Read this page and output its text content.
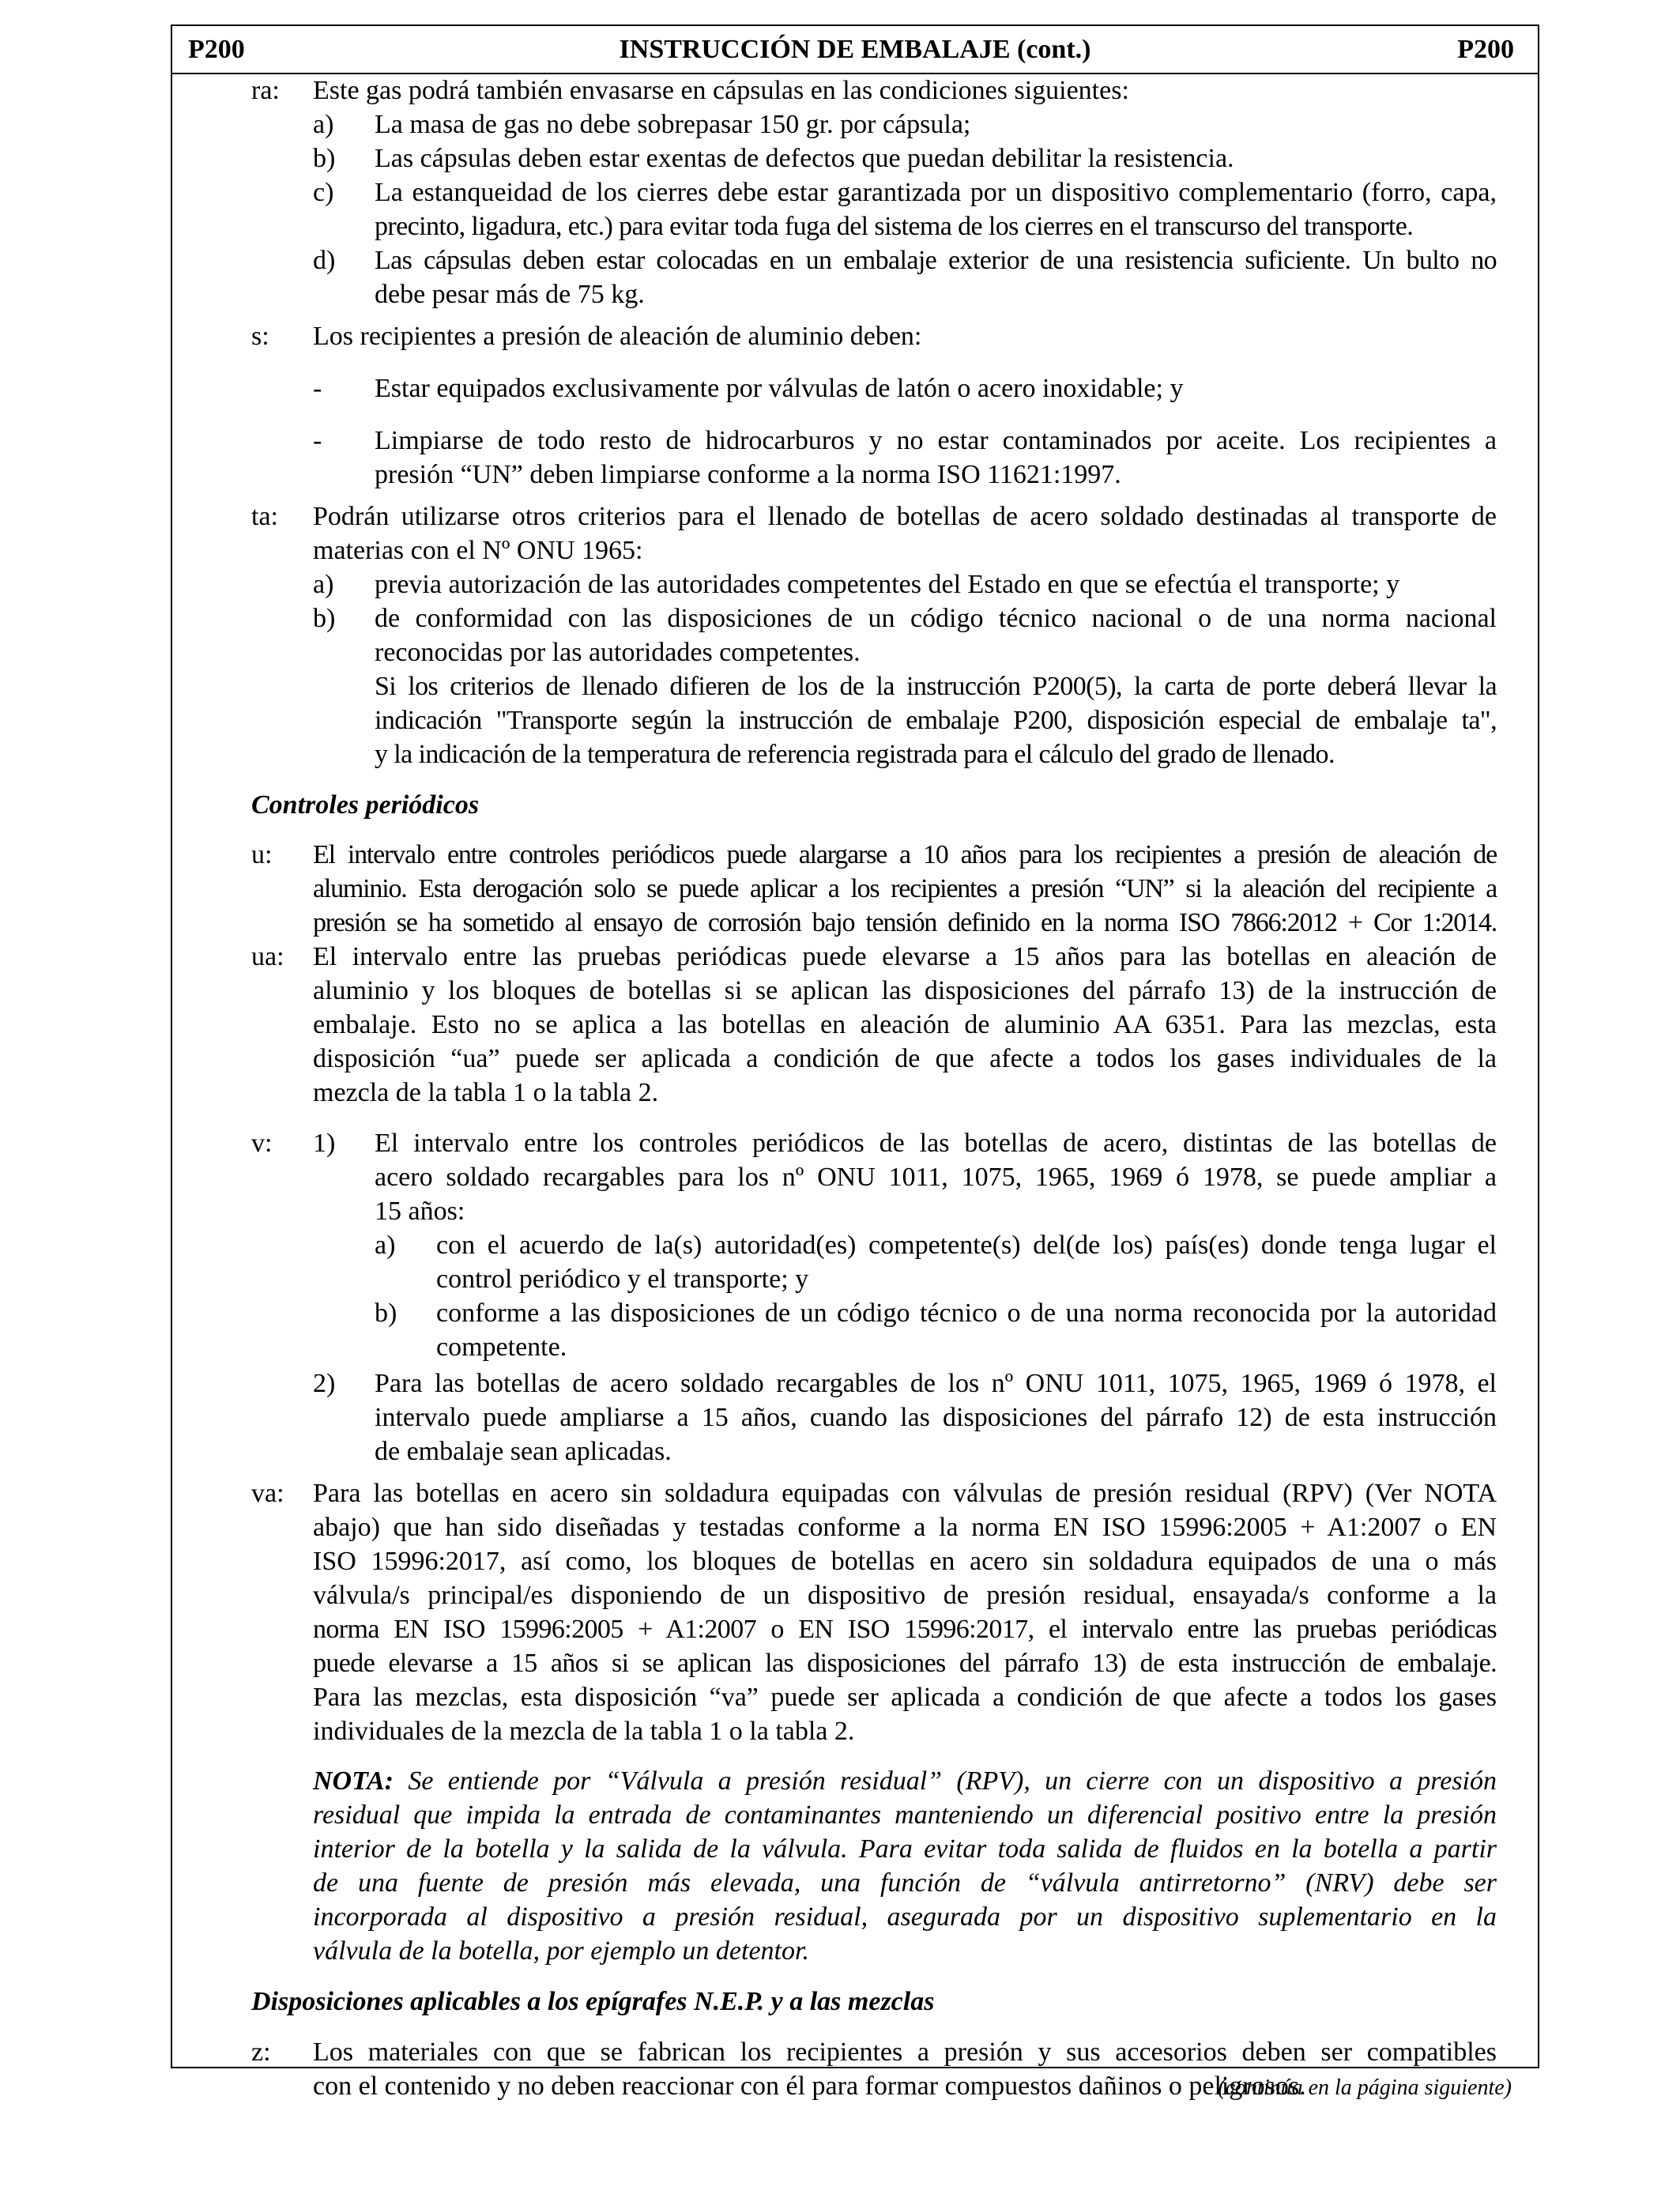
P200	INSTRUCCIÓN DE EMBALAJE (cont.)	P200
ra: Este gas podrá también envasarse en cápsulas en las condiciones siguientes:
a) La masa de gas no debe sobrepasar 150 gr. por cápsula;
b) Las cápsulas deben estar exentas de defectos que puedan debilitar la resistencia.
c) La estanqueidad de los cierres debe estar garantizada por un dispositivo complementario (forro, capa,
precinto, ligadura, etc.) para evitar toda fuga del sistema de los cierres en el transcurso del transporte.
d) Las cápsulas deben estar colocadas en un embalaje exterior de una resistencia suficiente. Un bulto no
debe pesar más de 75 kg.
s: Los recipientes a presión de aleación de aluminio deben:
- Estar equipados exclusivamente por válvulas de latón o acero inoxidable; y
- Limpiarse de todo resto de hidrocarburos y no estar contaminados por aceite. Los recipientes a
presión “UN” deben limpiarse conforme a la norma ISO 11621:1997.
ta: Podrán utilizarse otros criterios para el llenado de botellas de acero soldado destinadas al transporte de
materias con el Nº ONU 1965:
a) previa autorización de las autoridades competentes del Estado en que se efectúa el transporte; y
b) de conformidad con las disposiciones de un código técnico nacional o de una norma nacional
reconocidas por las autoridades competentes.
Si los criterios de llenado difieren de los de la instrucción P200(5), la carta de porte deberá llevar la
indicación "Transporte según la instrucción de embalaje P200, disposición especial de embalaje ta",
y la indicación de la temperatura de referencia registrada para el cálculo del grado de llenado.
Controles periódicos
u: El intervalo entre controles periódicos puede alargarse a 10 años para los recipientes a presión de aleación de
aluminio. Esta derogación solo se puede aplicar a los recipientes a presión “UN” si la aleación del recipiente a
presión se ha sometido al ensayo de corrosión bajo tensión definido en la norma ISO 7866:2012 + Cor 1:2014.
ua: El intervalo entre las pruebas periódicas puede elevarse a 15 años para las botellas en aleación de
aluminio y los bloques de botellas si se aplican las disposiciones del párrafo 13) de la instrucción de
embalaje. Esto no se aplica a las botellas en aleación de aluminio AA 6351. Para las mezclas, esta
disposición “ua” puede ser aplicada a condición de que afecte a todos los gases individuales de la
mezcla de la tabla 1 o la tabla 2.
v: 1) El intervalo entre los controles periódicos de las botellas de acero, distintas de las botellas de
acero soldado recargables para los nº ONU 1011, 1075, 1965, 1969 ó 1978, se puede ampliar a
15 años:
a) con el acuerdo de la(s) autoridad(es) competente(s) del(de los) país(es) donde tenga lugar el
control periódico y el transporte; y
b) conforme a las disposiciones de un código técnico o de una norma reconocida por la autoridad
competente.
2) Para las botellas de acero soldado recargables de los nº ONU 1011, 1075, 1965, 1969 ó 1978, el
intervalo puede ampliarse a 15 años, cuando las disposiciones del párrafo 12) de esta instrucción
de embalaje sean aplicadas.
va: Para las botellas en acero sin soldadura equipadas con válvulas de presión residual (RPV) (Ver NOTA
abajo) que han sido diseñadas y testadas conforme a la norma EN ISO 15996:2005 + A1:2007 o EN
ISO 15996:2017, así como, los bloques de botellas en acero sin soldadura equipados de una o más
válvula/s principal/es disponiendo de un dispositivo de presión residual, ensayada/s conforme a la
norma EN ISO 15996:2005 + A1:2007 o EN ISO 15996:2017, el intervalo entre las pruebas periódicas
puede elevarse a 15 años si se aplican las disposiciones del párrafo 13) de esta instrucción de embalaje.
Para las mezclas, esta disposición “va” puede ser aplicada a condición de que afecte a todos los gases
individuales de la mezcla de la tabla 1 o la tabla 2.
NOTA: Se entiende por “Válvula a presión residual” (RPV), un cierre con un dispositivo a presión
residual que impida la entrada de contaminantes manteniendo un diferencial positivo entre la presión
interior de la botella y la salida de la válvula. Para evitar toda salida de fluidos en la botella a partir
de una fuente de presión más elevada, una función de “válvula antirretorno” (NRV) debe ser
incorporada al dispositivo a presión residual, asegurada por un dispositivo suplementario en la
válvula de la botella, por ejemplo un detentor.
Disposiciones aplicables a los epígrafes N.E.P. y a las mezclas
z: Los materiales con que se fabrican los recipientes a presión y sus accesorios deben ser compatibles
con el contenido y no deben reaccionar con él para formar compuestos dañinos o peligrosos.
(continúa en la página siguiente)
